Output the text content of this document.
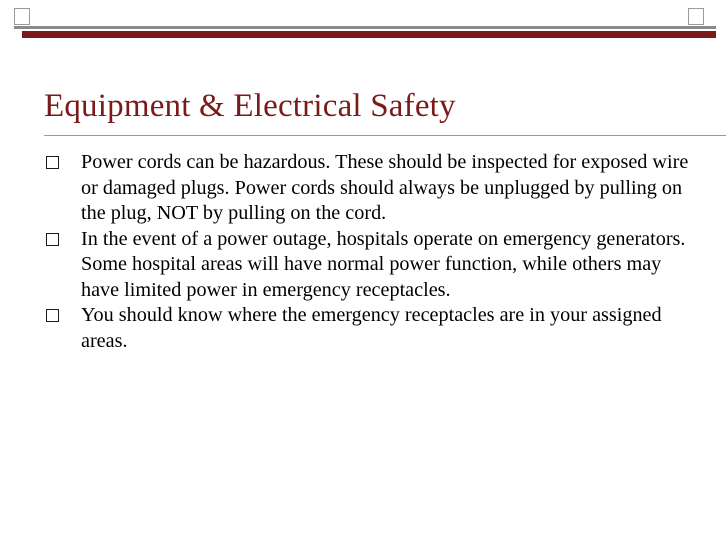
Equipment & Electrical Safety
Power cords can be hazardous. These should be inspected for exposed wire or damaged plugs. Power cords should always be unplugged by pulling on the plug, NOT by pulling on the cord.
In the event of a power outage, hospitals operate on emergency generators. Some hospital areas will have normal power function, while others may have limited power in emergency receptacles.
You should know where the emergency receptacles are in your assigned areas.
